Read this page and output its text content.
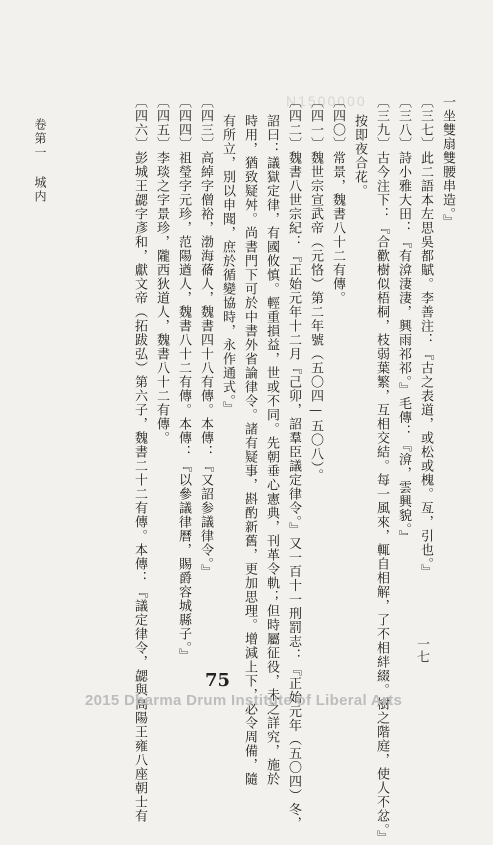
N1500000	一坐雙扇雙腰串造。』
〔三七〕此二語本左思吳都賦。李善注：『古之表道，或松或槐。亙，引也。』
〔三八〕詩小雅大田：『有渰淒淒，興雨祁祁。』毛傳：『渰，雲興貌。』
〔三九〕古今注下：『合歡樹似梧桐，枝弱葉繁，互相交結。每一風來，輒自相解，了不相絆綴。樹之階庭，使人不忿。』
按即夜合花。
〔四〇〕常景，魏書八十二有傳。
〔四一〕魏世宗宣武帝（元恪）第二年號（五〇四—五〇八）。
〔四二〕魏書八世宗紀：『正始元年十二月『己卯，詔羣臣議定律令。』又一百十一刑罰志：『正始元年（五〇四）冬，
詔曰：議獄定律，有國攸慎。輕重損益，世或不同。先朝垂心憲典，刊革令軌；但時屬征役，未之詳究，施於
時用，猶致疑舛。尚書門下可於中書外省論律令。諸有疑事，斟酌新舊，更加思理。增減上下，必令周備，隨
有所立，別以申聞，庶於循變協時，永作通式。』
〔四三〕高綽字僧裕，渤海蓨人，魏書四十八有傳。本傳：『又詔参議律令。』
〔四四〕祖瑩字元珍，范陽遒人，魏書八十二有傳。本傳：『以參議律曆，賜爵容城縣子。』
〔四五〕李琰之字景珍，隴西狄道人，魏書八十二有傳。
〔四六〕彭城王勰字彥和，獻文帝（拓跋弘）第六子，魏書二十二有傳。本傳：『議定律令，勰與高陽王雍八座朝士有
卷第一 城内
一七
75
2015 Dharma Drum Institute of Liberal Arts
